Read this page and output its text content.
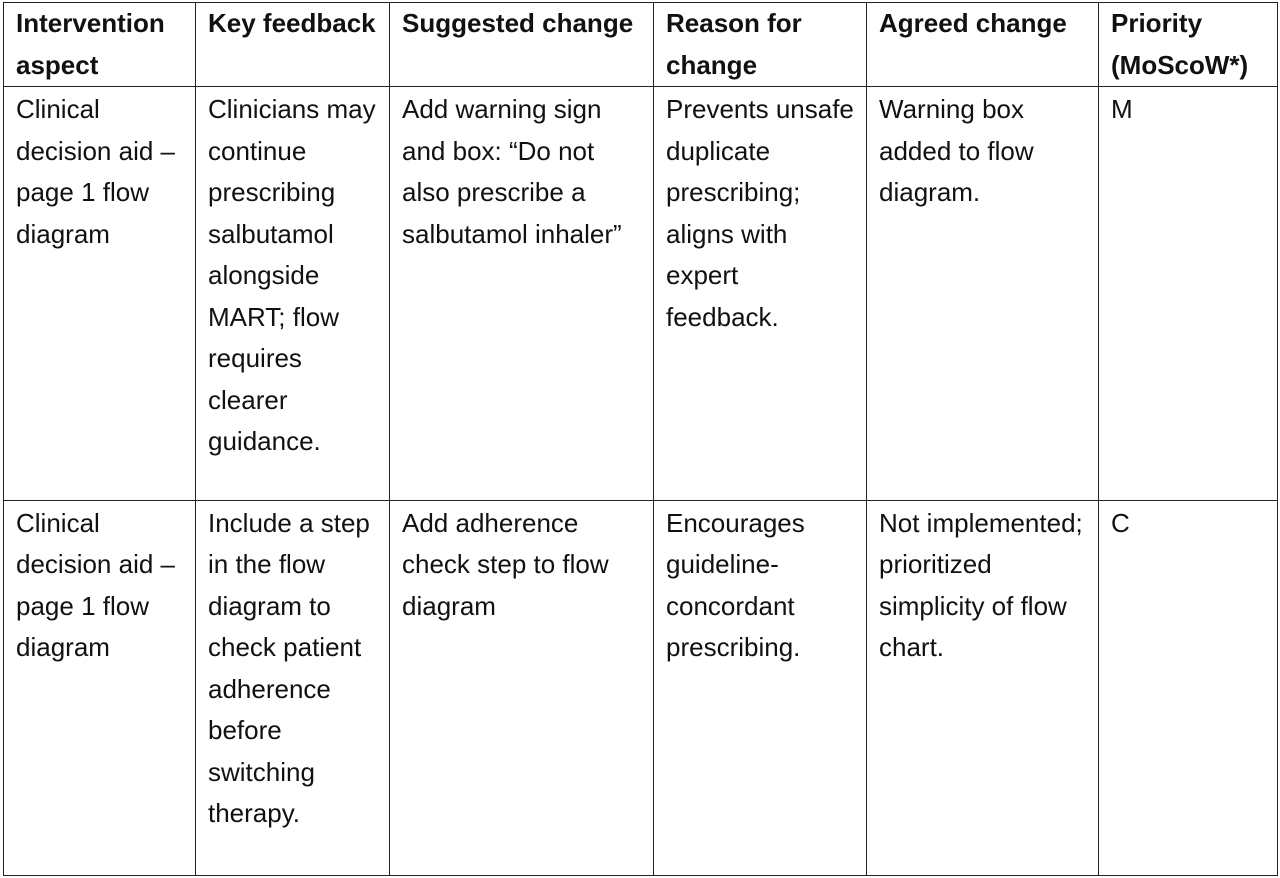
Intervention aspect	Key feedback	Suggested change	Reason for change	Agreed change	Priority (MoScoW*)
Clinical decision aid – page 1 flow diagram	Clinicians may continue prescribing salbutamol alongside MART; flow requires clearer guidance.	Add warning sign and box: “Do not also prescribe a salbutamol inhaler”	Prevents unsafe duplicate prescribing; aligns with expert feedback.	Warning box added to flow diagram.	M
Clinical decision aid – page 1 flow diagram	Include a step in the flow diagram to check patient adherence before switching therapy.	Add adherence check step to flow diagram	Encourages guideline-concordant prescribing.	Not implemented; prioritized simplicity of flow chart.	C
